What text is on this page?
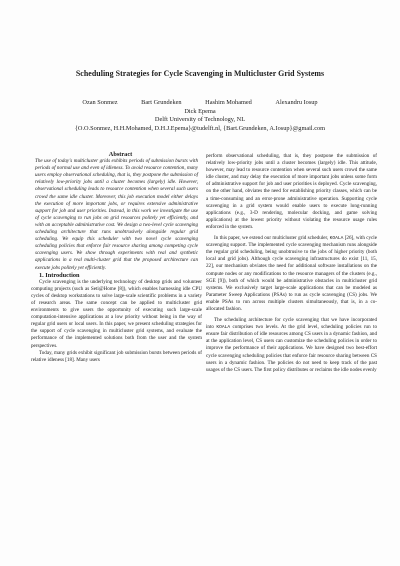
Scheduling Strategies for Cycle Scavenging in Multicluster Grid Systems
Ozan Sonmez	Bart Grundeken	Hashim Mohamed	Alexandru Iosup
Dick Epema
Delft University of Technology, NL
{O.O.Sonmez, H.H.Mohamed, D.H.J.Epema}@tudelft.nl, {Bart.Grundeken, A.Iosup}@gmail.com

Abstract

The use of today's multicluster grids exhibits periods of submission bursts with periods of normal use and even of idleness. To avoid resource contention, many users employ observational scheduling, that is, they postpone the submission of relatively low-priority jobs until a cluster becomes (largely) idle. However, observational scheduling leads to resource contention when several such users crowd the same idle cluster. Moreover, this job execution model either delays the execution of more important jobs, or requires extensive administrative support for job and user priorities. Instead, in this work we investigate the use of cycle scavenging to run jobs on grid resources politely yet efficiently, and with an acceptable administrative cost. We design a two-level cycle scavenging scheduling architecture that runs unobtrusively alongside regular grid scheduling. We equip this scheduler with two novel cycle scavenging scheduling policies that enforce fair resource sharing among competing cycle scavenging users. We show through experiments with real and synthetic applications in a real multi-cluster grid that the proposed architecture can execute jobs politely yet efficiently.

1. Introduction

Cycle scavenging is the underlying technology of desktop grids and volunteer computing projects (such as Seti@Home [8]), which enables harnessing idle CPU cycles of desktop workstations to solve large-scale scientific problems in a variety of research areas. The same concept can be applied to multicluster grid environments to give users the opportunity of executing such large-scale computation-intensive applications at a low priority without being in the way of regular grid users or local users. In this paper, we present scheduling strategies for the support of cycle scavenging in multicluster grid systems, and evaluate the performance of the implemented solutions both from the user and the system perspectives.

Today, many grids exhibit significant job submission bursts between periods of relative idleness [18]. Many users

perform observational scheduling, that is, they postpone the submission of relatively low-priority jobs until a cluster becomes (largely) idle. This attitude, however, may lead to resource contention when several such users crowd the same idle cluster, and may delay the execution of more important jobs unless some form of administrative support for job and user priorities is deployed. Cycle scavenging, on the other hand, obviates the need for establishing priority classes, which can be a time-consuming and an error-prone administrative operation. Supporting cycle scavenging in a grid system would enable users to execute long-running applications (e.g., 3-D rendering, molecular docking, and game solving applications) at the lowest priority without violating the resource usage rules enforced in the system.

In this paper, we extend our multicluster grid scheduler, KOALA [26], with cycle scavenging support. The implemented cycle scavenging mechanism runs alongside the regular grid scheduling, being unobtrusive to the jobs of higher priority (both local and grid jobs). Although cycle scavenging infrastructures do exist [11, 15, 22], our mechanism obviates the need for additional software installations on the compute nodes or any modifications to the resource managers of the clusters (e.g., SGE [9]), both of which would be administrative obstacles in multicluster grid systems. We exclusively target large-scale applications that can be modeled as Parameter Sweep Applications (PSAs) to run as cycle scavenging (CS) jobs. We enable PSAs to run across multiple clusters simultaneously, that is, in a co-allocated fashion.

The scheduling architecture for cycle scavenging that we have incorporated into KOALA comprises two levels. At the grid level, scheduling policies run to ensure fair distribution of idle resources among CS users in a dynamic fashion, and at the application level, CS users can customize the scheduling policies in order to improve the performance of their applications. We have designed two best-effort cycle scavenging scheduling policies that enforce fair resource sharing between CS users in a dynamic fashion. The policies do not need to keep track of the past usages of the CS users. The first policy distributes or reclaims the idle nodes evenly
